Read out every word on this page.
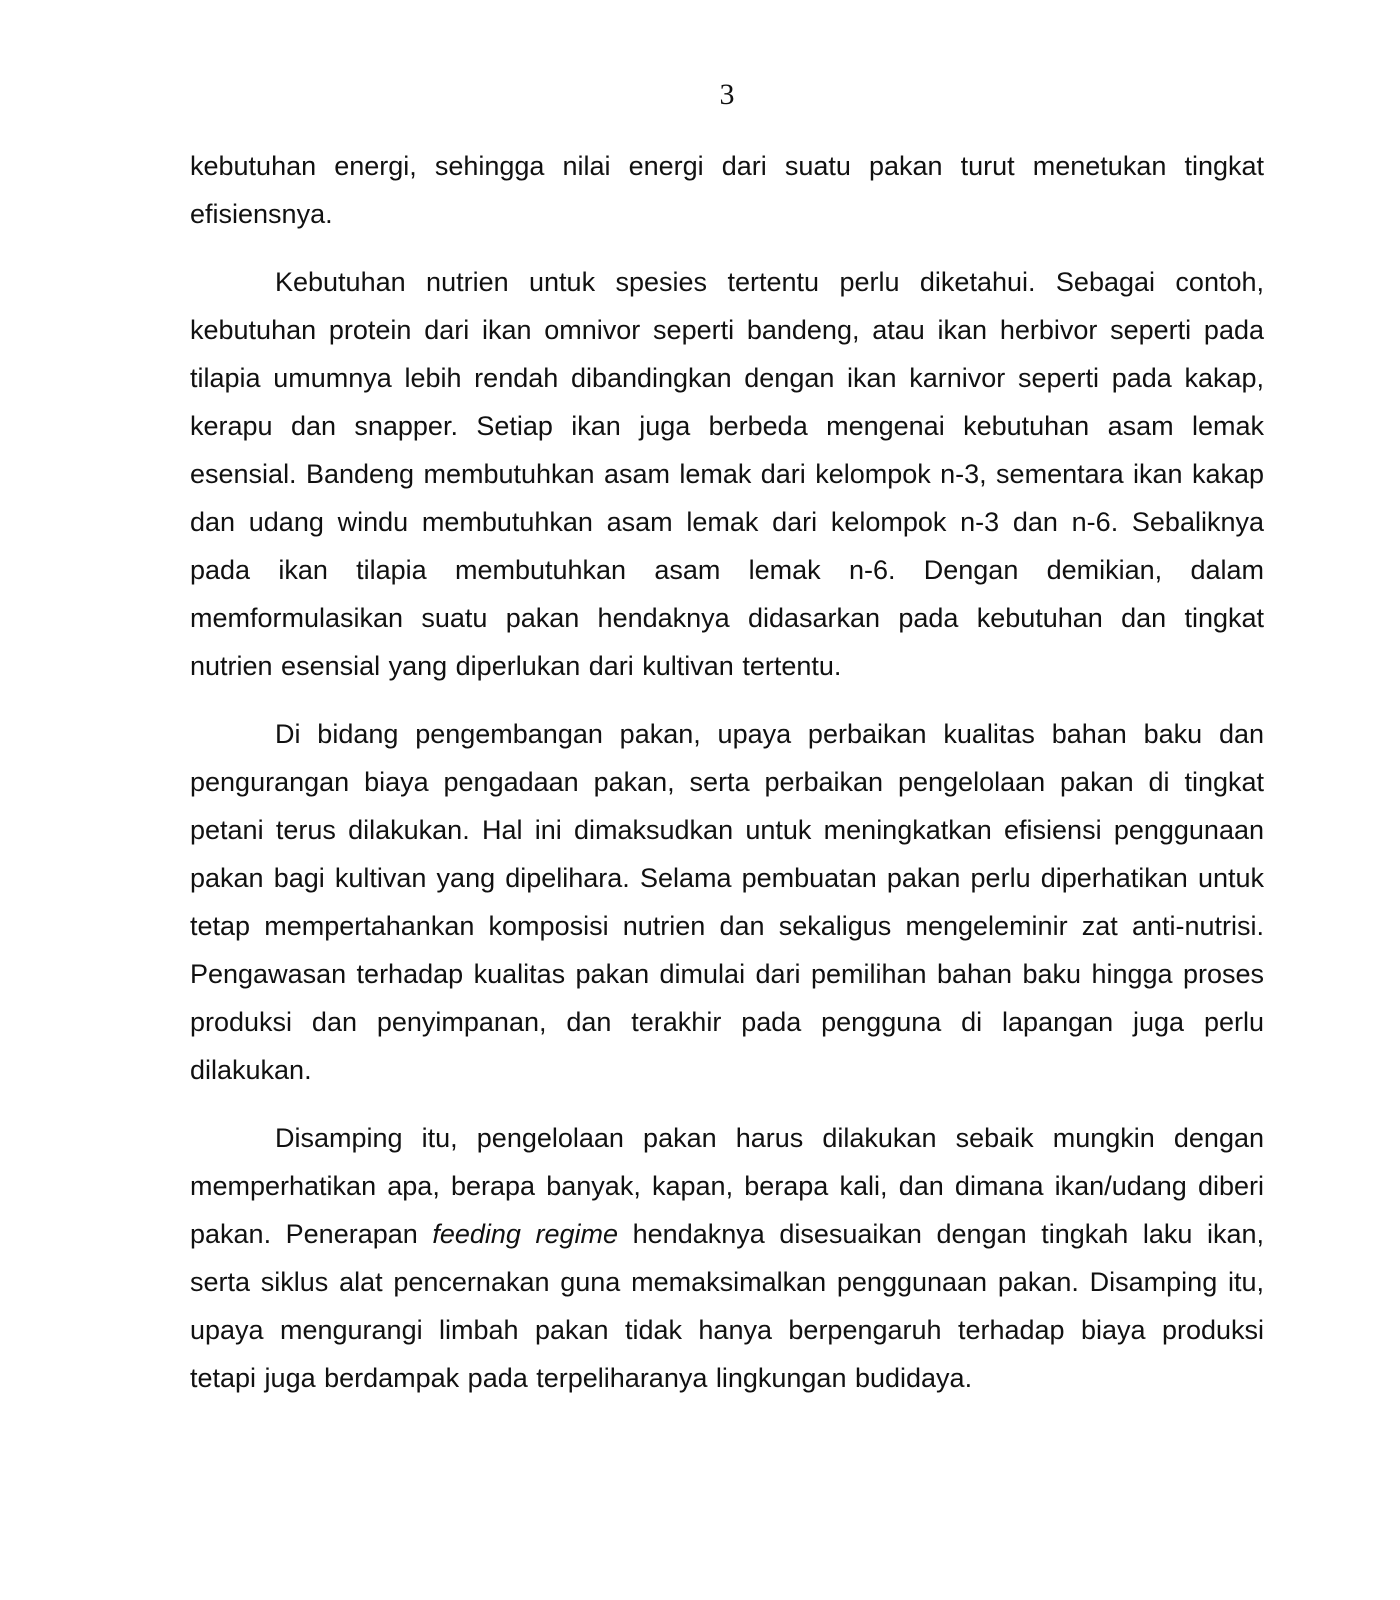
3

kebutuhan energi, sehingga nilai energi dari suatu pakan turut menetukan tingkat efisiensnya.

Kebutuhan nutrien untuk spesies tertentu perlu diketahui. Sebagai contoh, kebutuhan protein dari ikan omnivor seperti bandeng, atau ikan herbivor seperti pada tilapia umumnya lebih rendah dibandingkan dengan ikan karnivor seperti pada kakap, kerapu dan snapper. Setiap ikan juga berbeda mengenai kebutuhan asam lemak esensial. Bandeng membutuhkan asam lemak dari kelompok n-3, sementara ikan kakap dan udang windu membutuhkan asam lemak dari kelompok n-3 dan n-6. Sebaliknya pada ikan tilapia membutuhkan asam lemak n-6. Dengan demikian, dalam memformulasikan suatu pakan hendaknya didasarkan pada kebutuhan dan tingkat nutrien esensial yang diperlukan dari kultivan tertentu.

Di bidang pengembangan pakan, upaya perbaikan kualitas bahan baku dan pengurangan biaya pengadaan pakan, serta perbaikan pengelolaan pakan di tingkat petani terus dilakukan. Hal ini dimaksudkan untuk meningkatkan efisiensi penggunaan pakan bagi kultivan yang dipelihara. Selama pembuatan pakan perlu diperhatikan untuk tetap mempertahankan komposisi nutrien dan sekaligus mengeleminir zat anti-nutrisi. Pengawasan terhadap kualitas pakan dimulai dari pemilihan bahan baku hingga proses produksi dan penyimpanan, dan terakhir pada pengguna di lapangan juga perlu dilakukan.

Disamping itu, pengelolaan pakan harus dilakukan sebaik mungkin dengan memperhatikan apa, berapa banyak, kapan, berapa kali, dan dimana ikan/udang diberi pakan. Penerapan feeding regime hendaknya disesuaikan dengan tingkah laku ikan, serta siklus alat pencernakan guna memaksimalkan penggunaan pakan. Disamping itu, upaya mengurangi limbah pakan tidak hanya berpengaruh terhadap biaya produksi tetapi juga berdampak pada terpeliharanya lingkungan budidaya.
